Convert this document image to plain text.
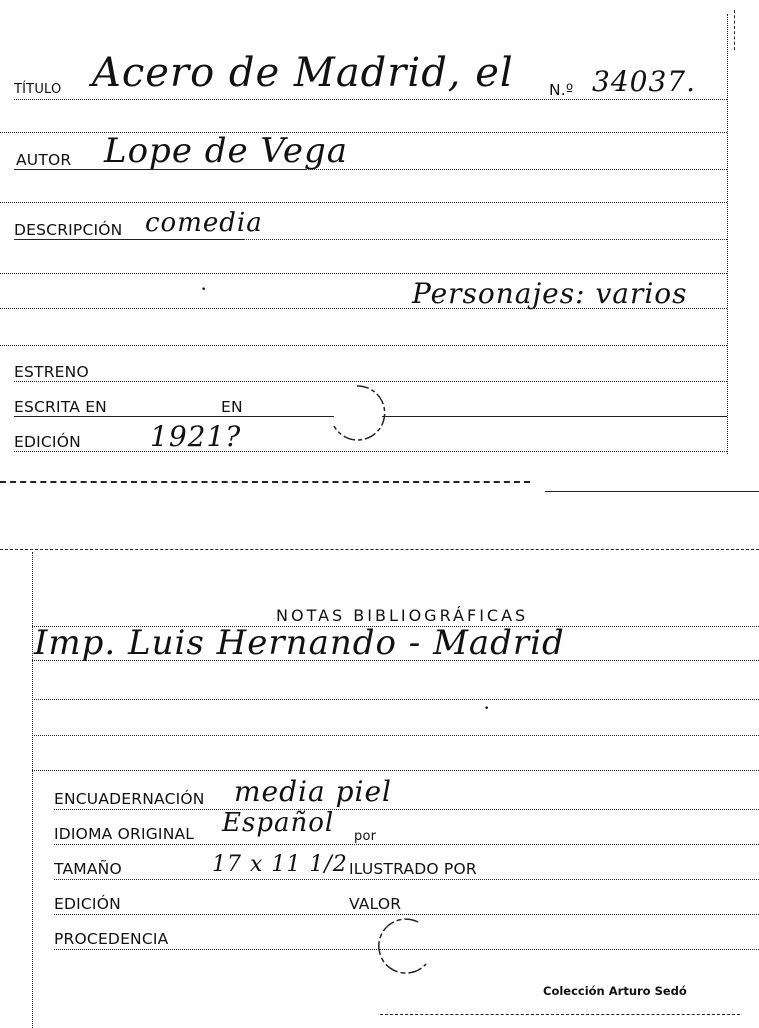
TÍTULO Acero de Madrid, el N.º 34037.
AUTOR Lope de Vega
DESCRIPCIÓN comedia
•	Personajes: varios
ESTRENO
ESCRITA EN	EN
EDICIÓN 1921?
NOTAS BIBLIOGRÁFICAS
Imp. Luis Hernando - Madrid
•
ENCUADERNACIÓN media piel
IDIOMA ORIGINAL Español por
TAMAÑO	17 x 11 1/2 ILUSTRADO POR
EDICIÓN	VALOR
PROCEDENCIA
Colección Arturo Sedó
